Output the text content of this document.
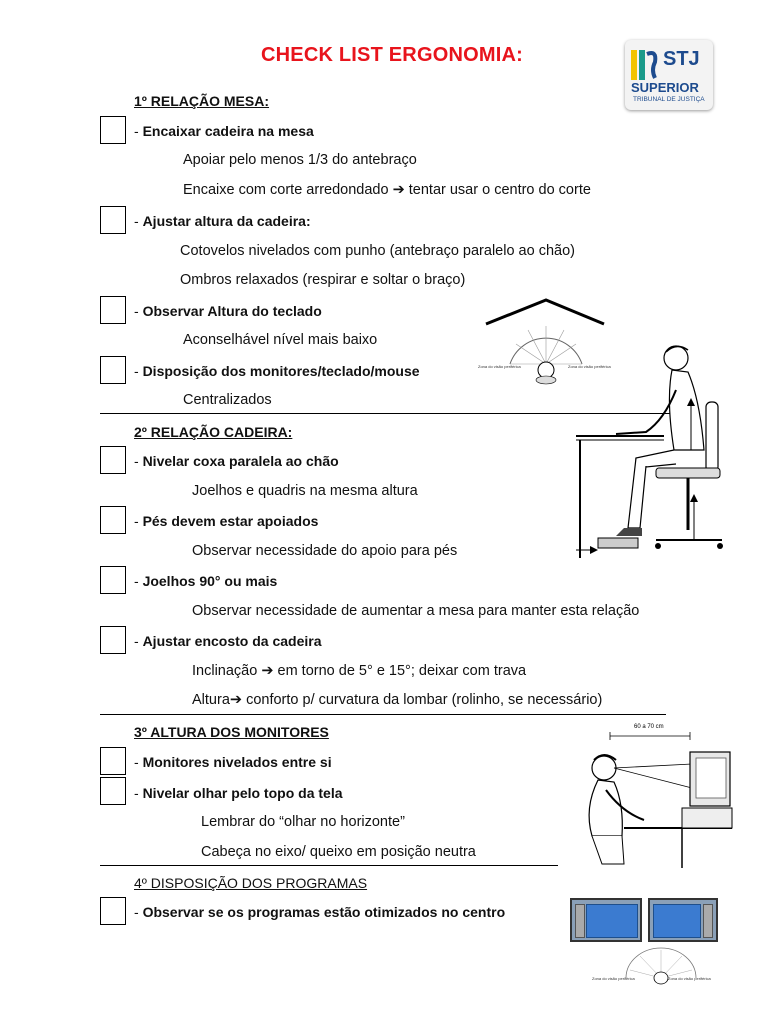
CHECK LIST ERGONOMIA:	STJ
SUPERIOR
TRIBUNAL DE JUSTIÇA
1º RELAÇÃO MESA:
- Encaixar cadeira na mesa
Apoiar pelo menos 1/3 do antebraço
Encaixe com corte arredondado ➔ tentar usar o centro do corte
- Ajustar altura da cadeira:
Cotovelos nivelados com punho (antebraço paralelo ao chão)
Ombros relaxados (respirar e soltar o braço)
- Observar Altura do teclado
Aconselhável nível mais baixo
- Disposição dos monitores/teclado/mouse
Centralizados
2º RELAÇÃO CADEIRA:
- Nivelar coxa paralela ao chão
Joelhos e quadris na mesma altura
- Pés devem estar apoiados
Observar necessidade do apoio para pés
- Joelhos 90° ou mais
Observar necessidade de aumentar a mesa para manter esta relação
- Ajustar encosto da cadeira
Inclinação ➔ em torno de 5° e 15°; deixar com trava
Altura➔ conforto p/ curvatura da lombar (rolinho, se necessário)
3º ALTURA DOS MONITORES
- Monitores nivelados entre si
- Nivelar olhar pelo topo da tela
Lembrar do “olhar no horizonte”
Cabeça no eixo/ queixo em posição neutra
4º DISPOSIÇÃO DOS PROGRAMAS
- Observar se os programas estão otimizados no centro
Zona do visão periférica	Zona do visão periférica
60 a 70 cm
Zona do visão periférica	Zona do visão periférica
